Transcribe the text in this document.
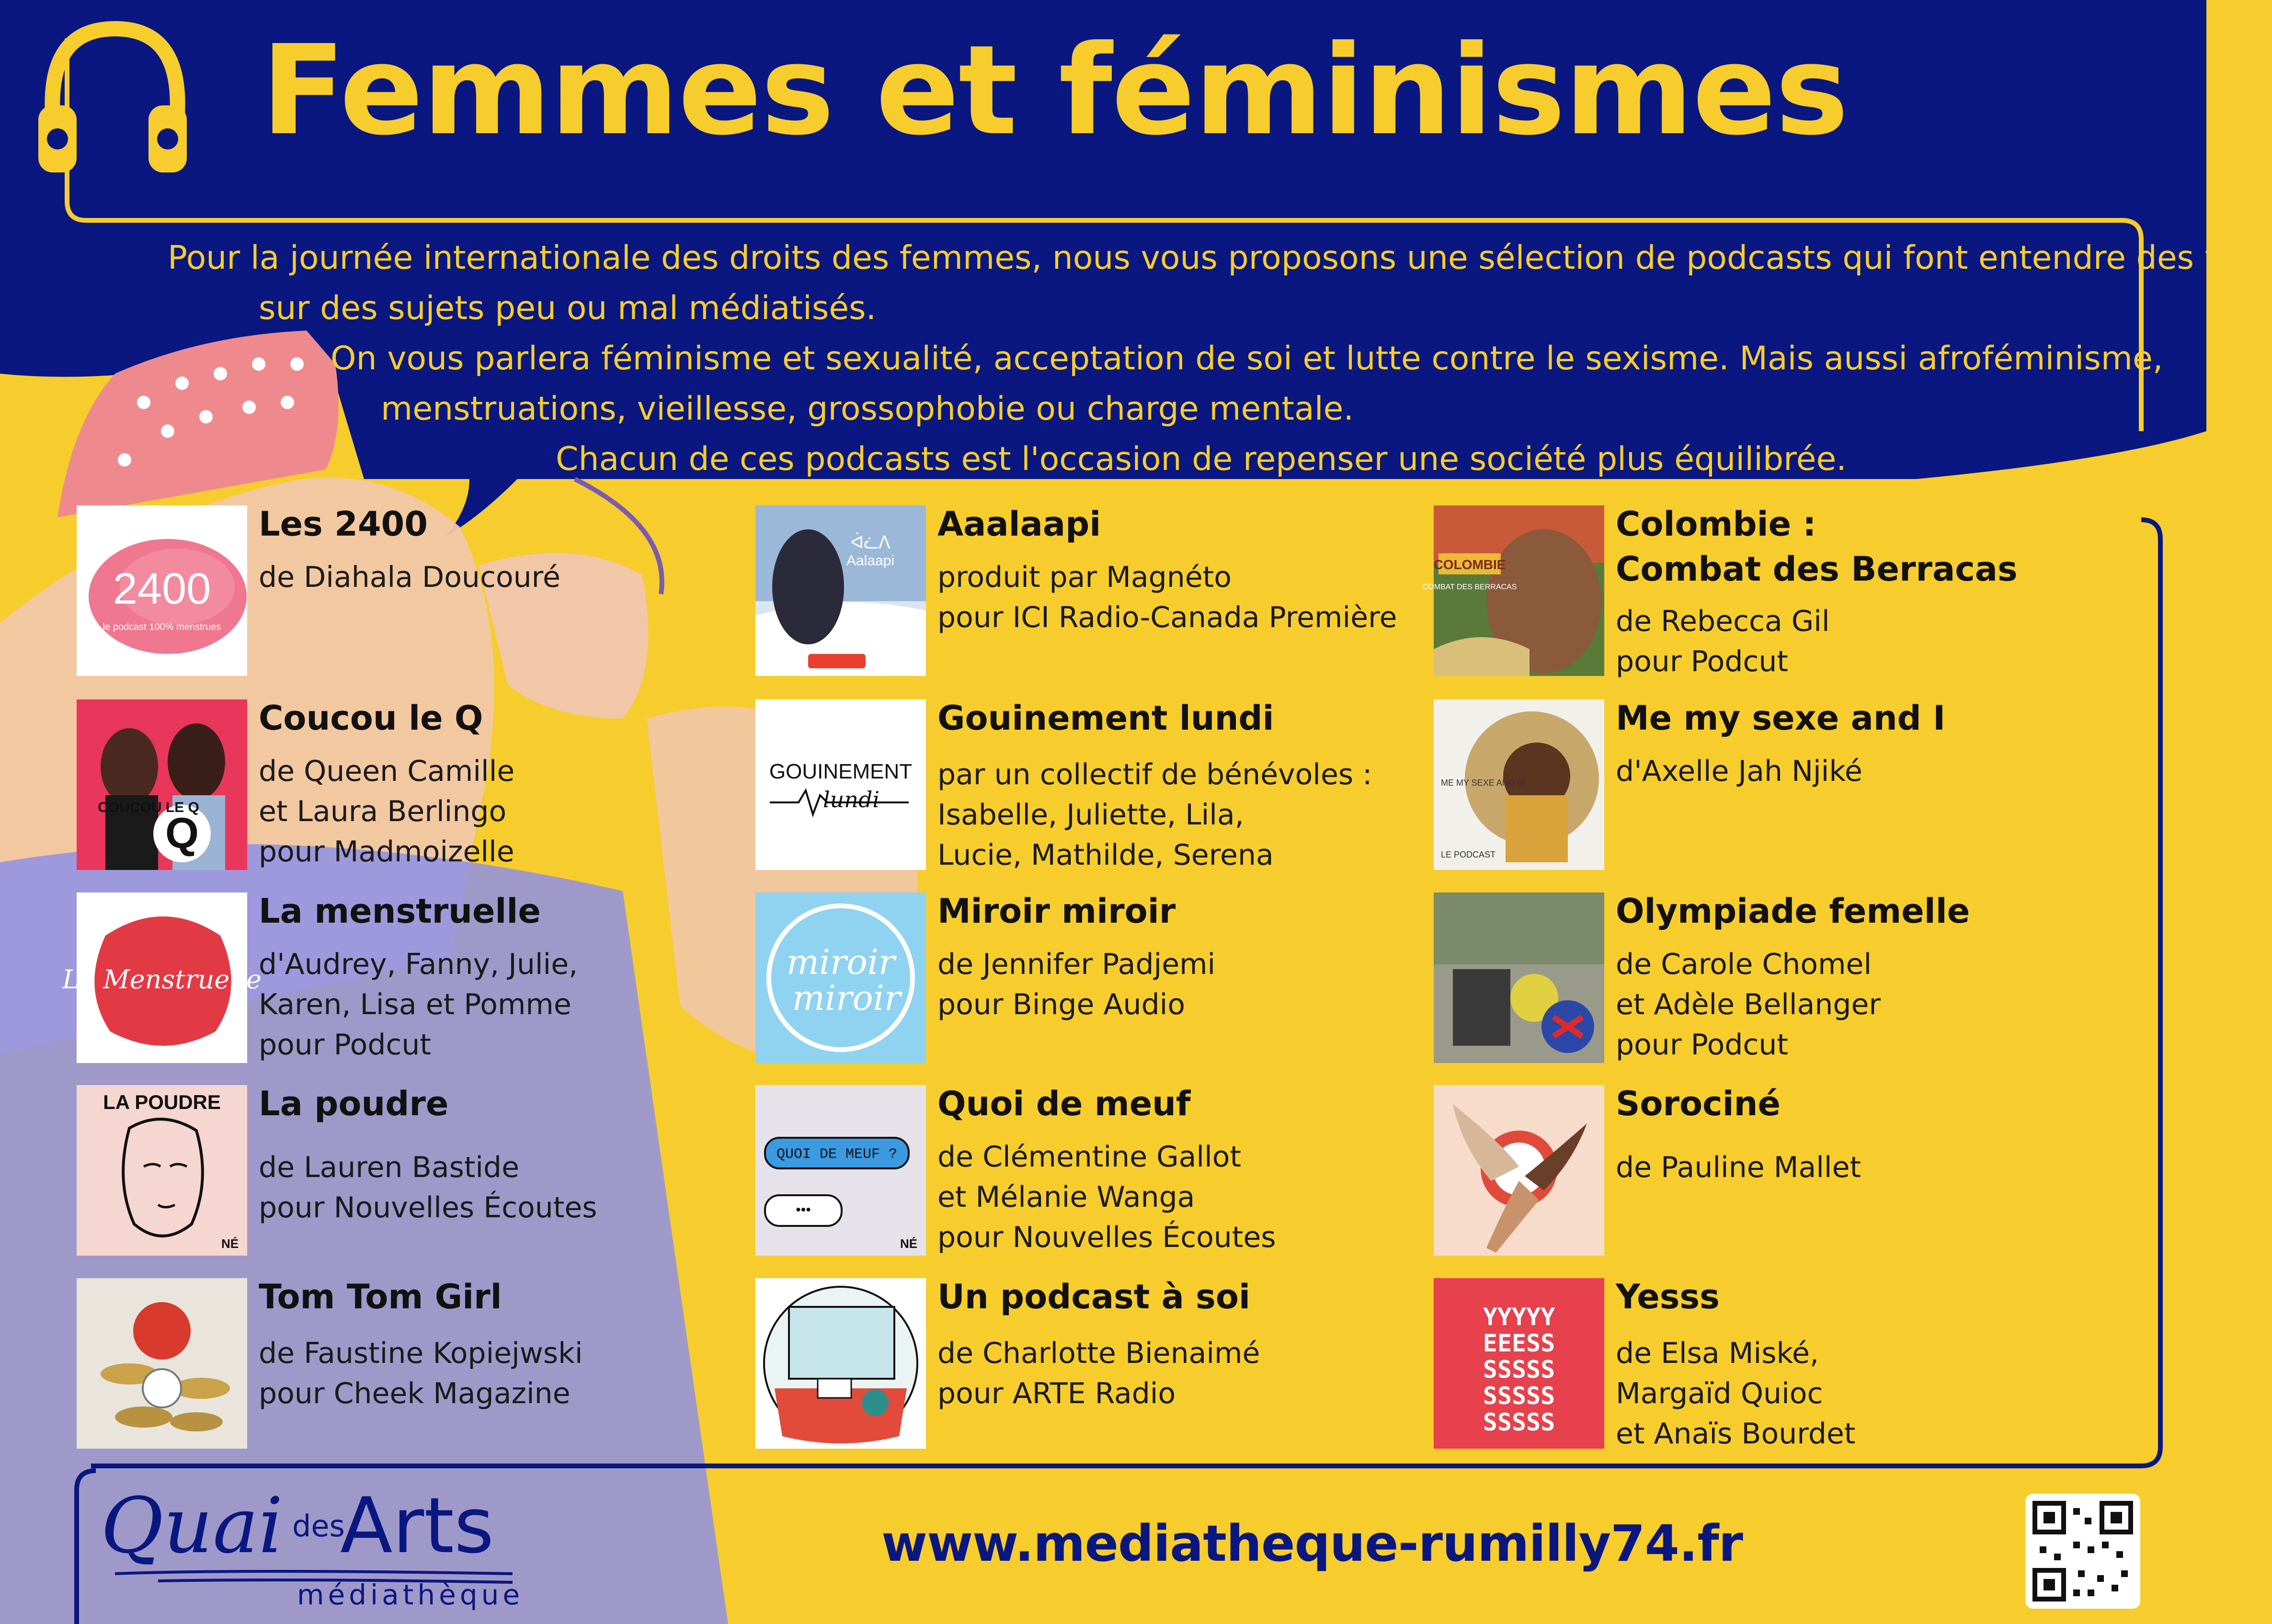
Femmes et féminismes

Pour la journée internationale des droits des femmes, nous vous proposons une sélection de podcasts qui font entendre des voix

sur des sujets peu ou mal médiatisés.

On vous parlera féminisme et sexualité, acceptation de soi et lutte contre le sexisme. Mais aussi afroféminisme,

menstruations, vieillesse, grossophobie ou charge mentale.

Chacun de ces podcasts est l'occasion de repenser une société plus équilibrée.

2400
le podcast 100% menstrues
Les 2400
de Diahala Doucouré
Q
COUCOU LE Q
Coucou le Q
de Queen Camille
et Laura Berlingo
pour Madmoizelle
La Menstruelle
La menstruelle
d'Audrey, Fanny, Julie,
Karen, Lisa et Pomme
pour Podcut
LA POUDRE
NÉ
La poudre
de Lauren Bastide
pour Nouvelles Écoutes
Tom Tom Girl
de Faustine Kopiejwski
pour Cheek Magazine
ᐋᓛᐱ
Aalaapi
Aaalaapi
produit par Magnéto
pour ICI Radio-Canada Première
GOUINEMENT
lundi
Gouinement lundi
par un collectif de bénévoles :
Isabelle, Juliette, Lila,
Lucie, Mathilde, Serena
miroir
miroir
Miroir miroir
de Jennifer Padjemi
pour Binge Audio
QUOI DE MEUF ?
•••
NÉ
Quoi de meuf
de Clémentine Gallot
et Mélanie Wanga
pour Nouvelles Écoutes
Un podcast à soi
de Charlotte Bienaimé
pour ARTE Radio
COLOMBIE
COMBAT DES BERRACAS
Colombie :
Combat des Berracas
de Rebecca Gil
pour Podcut
ME MY SEXE AND I©
LE PODCAST
Me my sexe and I
d'Axelle Jah Njiké
Olympiade femelle
de Carole Chomel
et Adèle Bellanger
pour Podcut
Sorociné
de Pauline Mallet
YYYYY
EEESS
SSSSS
SSSSS
SSSSS
Yesss
de Elsa Miské,
Margaïd Quioc
et Anaïs Bourdet
Quai des
Arts
médiathèque
www.mediatheque-rumilly74.fr
